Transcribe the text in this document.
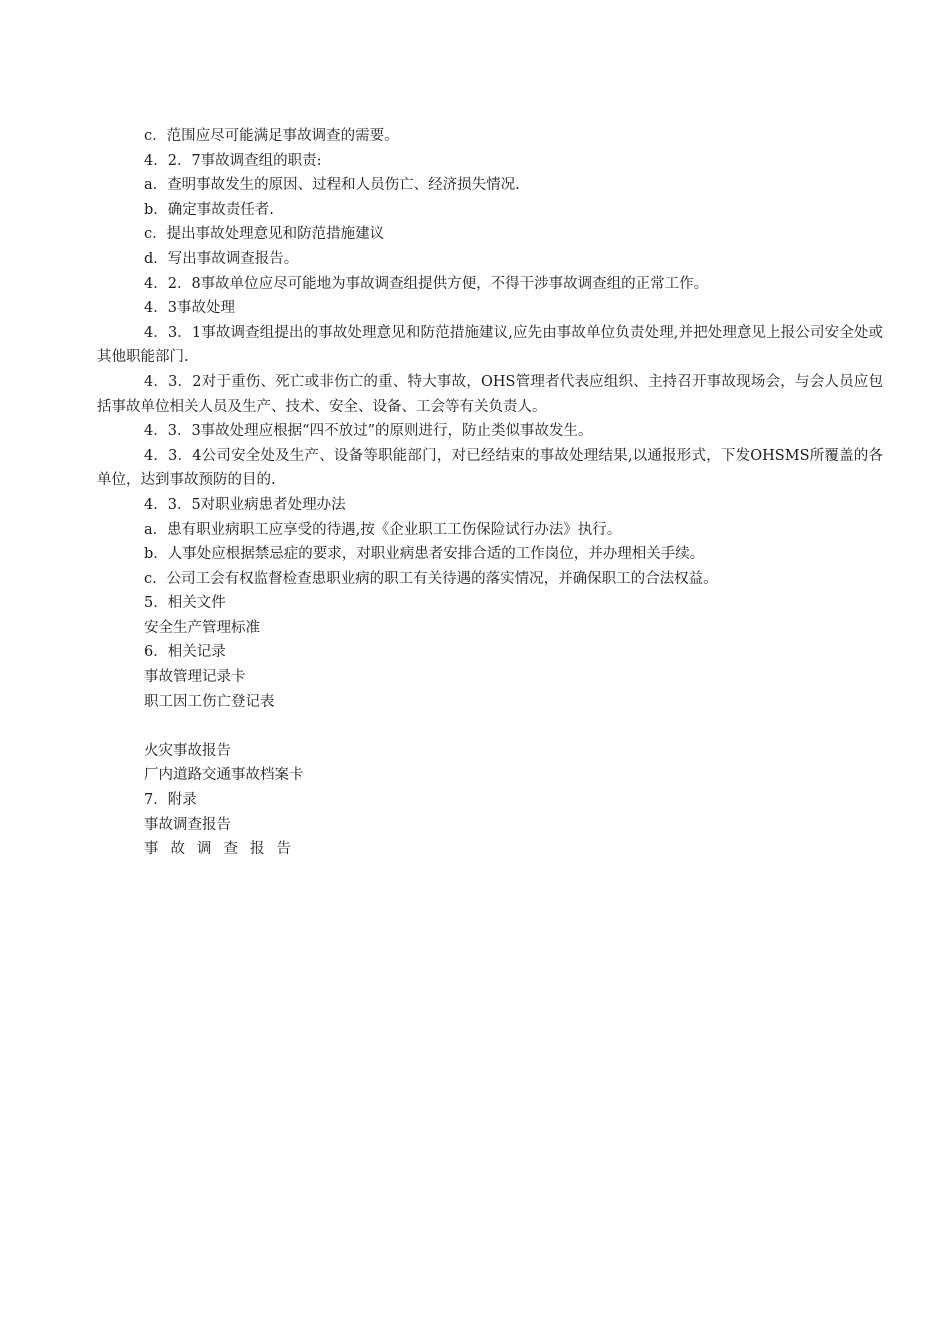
c．范围应尽可能满足事故调查的需要。

4．2．7事故调查组的职责:

a．查明事故发生的原因、过程和人员伤亡、经济损失情况.

b．确定事故责任者.

c．提出事故处理意见和防范措施建议

d．写出事故调查报告。

4．2．8事故单位应尽可能地为事故调查组提供方便，不得干涉事故调查组的正常工作。

4．3事故处理

4．3．1事故调查组提出的事故处理意见和防范措施建议,应先由事故单位负责处理,并把处理意见上报公司安全处或其他职能部门.

4．3．2对于重伤、死亡或非伤亡的重、特大事故，OHS管理者代表应组织、主持召开事故现场会，与会人员应包括事故单位相关人员及生产、技术、安全、设备、工会等有关负责人。

4．3．3事故处理应根据“四不放过”的原则进行，防止类似事故发生。

4．3．4公司安全处及生产、设备等职能部门，对已经结束的事故处理结果,以通报形式，下发OHSMS所覆盖的各单位，达到事故预防的目的.

4．3．5对职业病患者处理办法

a．患有职业病职工应享受的待遇,按《企业职工工伤保险试行办法》执行。

b．人事处应根据禁忌症的要求，对职业病患者安排合适的工作岗位，并办理相关手续。

c．公司工会有权监督检查患职业病的职工有关待遇的落实情况，并确保职工的合法权益。

5．相关文件

安全生产管理标准

6．相关记录

事故管理记录卡

职工因工伤亡登记表

火灾事故报告

厂内道路交通事故档案卡

7．附录

事故调查报告

事故调查报告
